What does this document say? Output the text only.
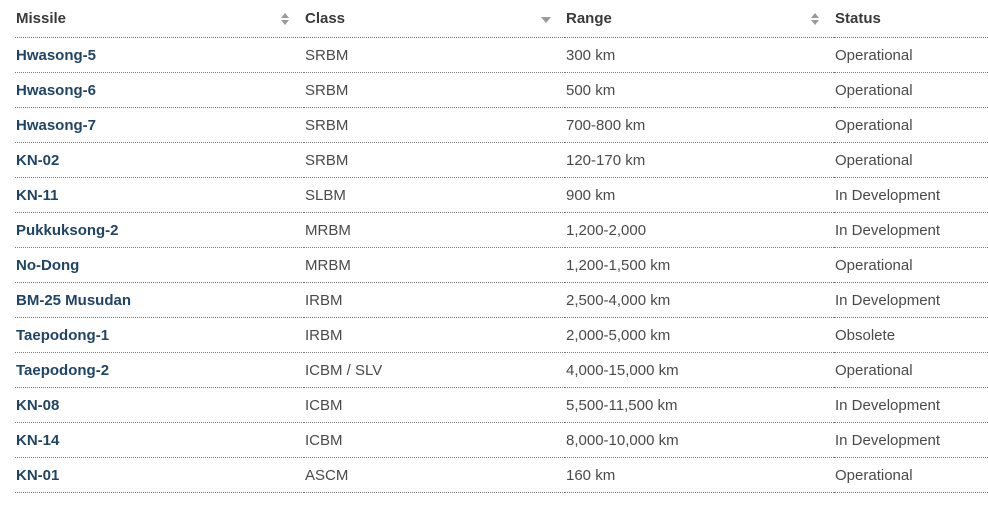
Missile	Class	Range	Status
Hwasong-5	SRBM	300 km	Operational
Hwasong-6	SRBM	500 km	Operational
Hwasong-7	SRBM	700-800 km	Operational
KN-02	SRBM	120-170 km	Operational
KN-11	SLBM	900 km	In Development
Pukkuksong-2	MRBM	1,200-2,000	In Development
No-Dong	MRBM	1,200-1,500 km	Operational
BM-25 Musudan	IRBM	2,500-4,000 km	In Development
Taepodong-1	IRBM	2,000-5,000 km	Obsolete
Taepodong-2	ICBM / SLV	4,000-15,000 km	Operational
KN-08	ICBM	5,500-11,500 km	In Development
KN-14	ICBM	8,000-10,000 km	In Development
KN-01	ASCM	160 km	Operational
